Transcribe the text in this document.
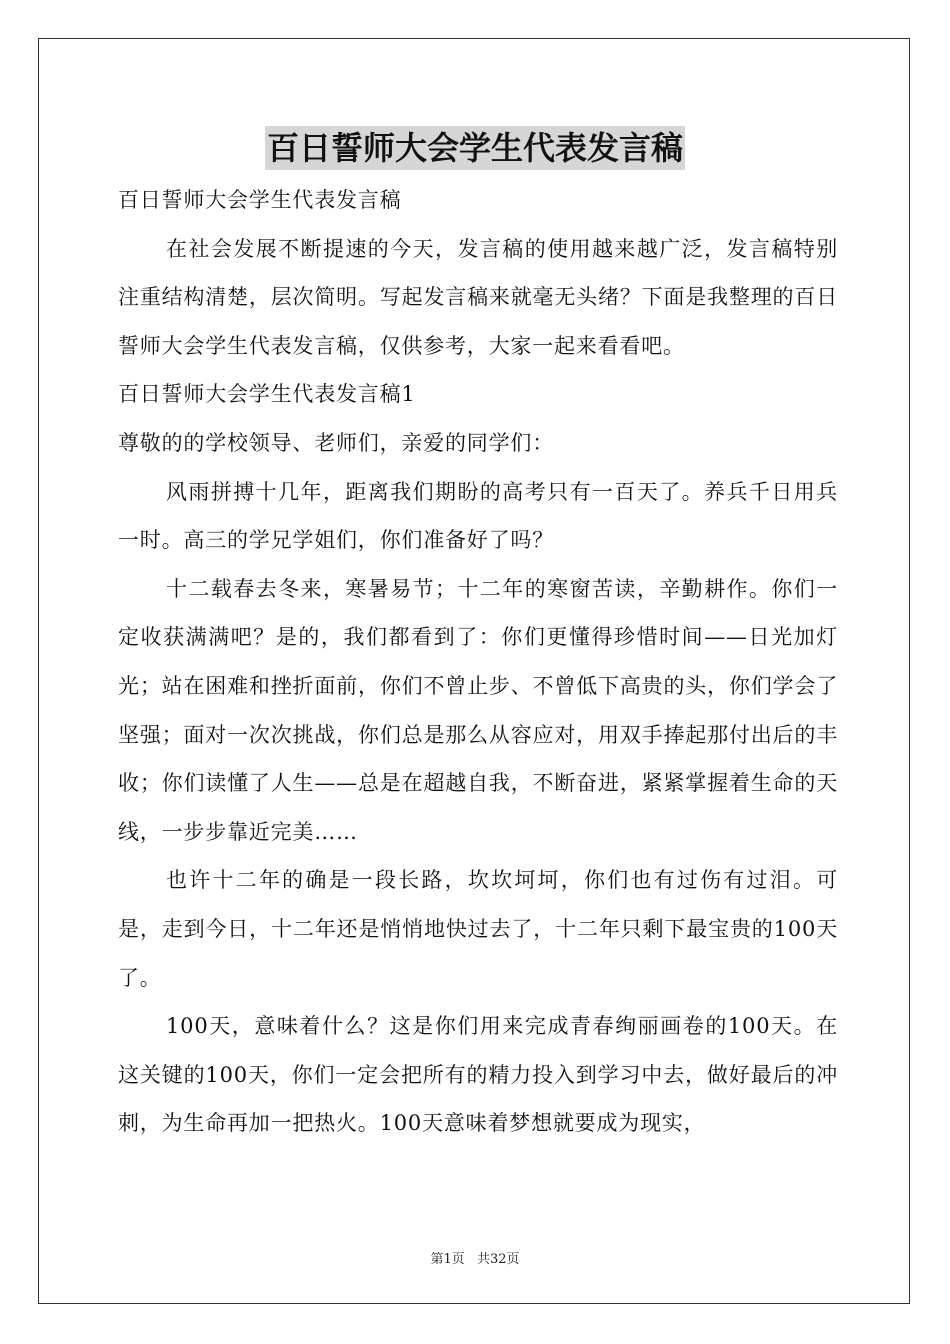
百日誓师大会学生代表发言稿

百日誓师大会学生代表发言稿

在社会发展不断提速的今天，发言稿的使用越来越广泛，发言稿特别注重结构清楚，层次简明。写起发言稿来就毫无头绪？下面是我整理的百日誓师大会学生代表发言稿，仅供参考，大家一起来看看吧。

百日誓师大会学生代表发言稿1

尊敬的的学校领导、老师们，亲爱的同学们：

风雨拼搏十几年，距离我们期盼的高考只有一百天了。养兵千日用兵一时。高三的学兄学姐们，你们准备好了吗？

十二载春去冬来，寒暑易节；十二年的寒窗苦读，辛勤耕作。你们一定收获满满吧？是的，我们都看到了：你们更懂得珍惜时间——日光加灯光；站在困难和挫折面前，你们不曾止步、不曾低下高贵的头，你们学会了坚强；面对一次次挑战，你们总是那么从容应对，用双手捧起那付出后的丰收；你们读懂了人生——总是在超越自我，不断奋进，紧紧掌握着生命的天线，一步步靠近完美……

也许十二年的确是一段长路，坎坎坷坷，你们也有过伤有过泪。可是，走到今日，十二年还是悄悄地快过去了，十二年只剩下最宝贵的100天了。

100天，意味着什么？这是你们用来完成青春绚丽画卷的100天。在这关键的100天，你们一定会把所有的精力投入到学习中去，做好最后的冲刺，为生命再加一把热火。100天意味着梦想就要成为现实，

第1页 共32页
